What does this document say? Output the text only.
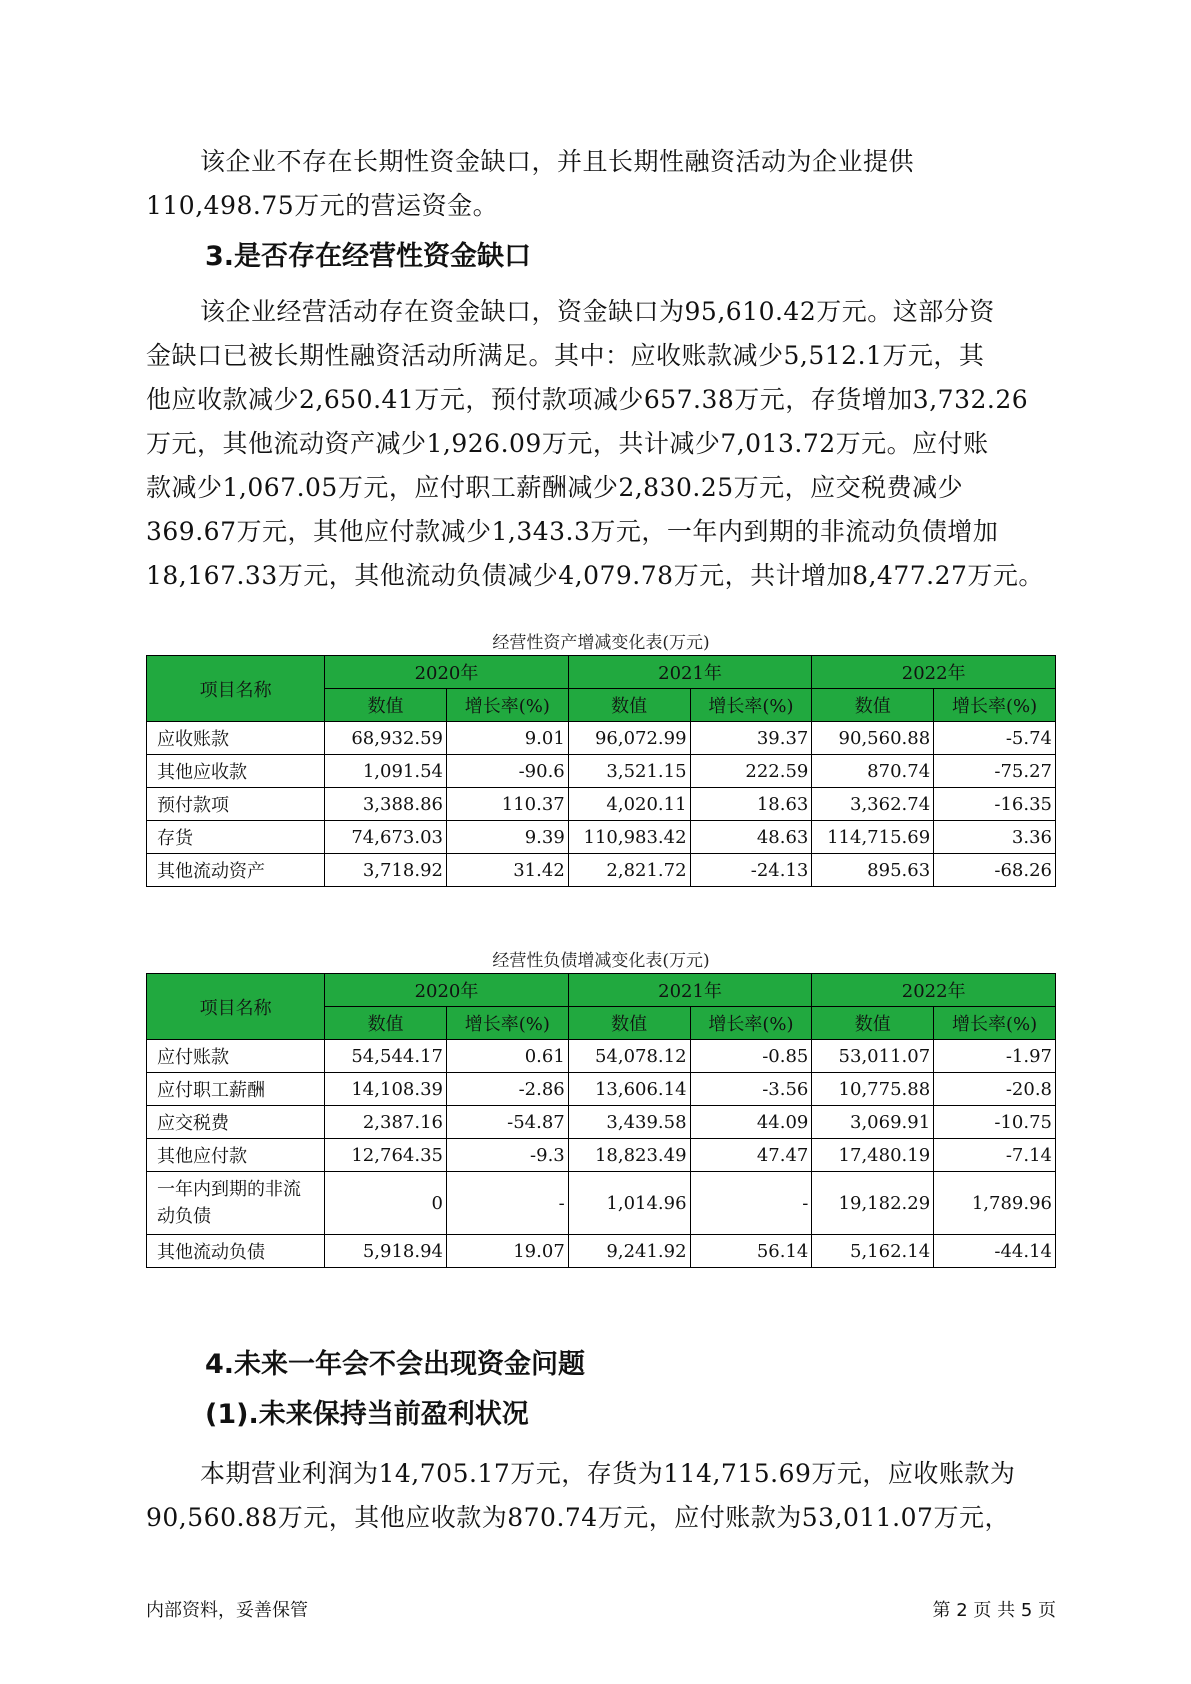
该企业不存在长期性资金缺口，并且长期性融资活动为企业提供
110,498.75万元的营运资金。

3.是否存在经营性资金缺口

该企业经营活动存在资金缺口，资金缺口为95,610.42万元。这部分资
金缺口已被长期性融资活动所满足。其中：应收账款减少5,512.1万元，其
他应收款减少2,650.41万元，预付款项减少657.38万元，存货增加3,732.26
万元，其他流动资产减少1,926.09万元，共计减少7,013.72万元。应付账
款减少1,067.05万元，应付职工薪酬减少2,830.25万元，应交税费减少
369.67万元，其他应付款减少1,343.3万元，一年内到期的非流动负债增加
18,167.33万元，其他流动负债减少4,079.78万元，共计增加8,477.27万元。

经营性资产增减变化表(万元)

项目名称	2020年		2021年		2022年	
	数值	增长率(%)	数值	增长率(%)	数值	增长率(%)
应收账款	68,932.59	9.01	96,072.99	39.37	90,560.88	-5.74
其他应收款	1,091.54	-90.6	3,521.15	222.59	870.74	-75.27
预付款项	3,388.86	110.37	4,020.11	18.63	3,362.74	-16.35
存货	74,673.03	9.39	110,983.42	48.63	114,715.69	3.36
其他流动资产	3,718.92	31.42	2,821.72	-24.13	895.63	-68.26

经营性负债增减变化表(万元)

项目名称	2020年		2021年		2022年	
	数值	增长率(%)	数值	增长率(%)	数值	增长率(%)
应付账款	54,544.17	0.61	54,078.12	-0.85	53,011.07	-1.97
应付职工薪酬	14,108.39	-2.86	13,606.14	-3.56	10,775.88	-20.8
应交税费	2,387.16	-54.87	3,439.58	44.09	3,069.91	-10.75
其他应付款	12,764.35	-9.3	18,823.49	47.47	17,480.19	-7.14

一年内到期的非流
动负债	0	-	1,014.96	-	19,182.29	1,789.96
其他流动负债	5,918.94	19.07	9,241.92	56.14	5,162.14	-44.14
4.未来一年会不会出现资金问题
(1).未来保持当前盈利状况

本期营业利润为14,705.17万元，存货为114,715.69万元，应收账款为
90,560.88万元，其他应收款为870.74万元，应付账款为53,011.07万元，

内部资料，妥善保管	第 2 页 共 5 页
